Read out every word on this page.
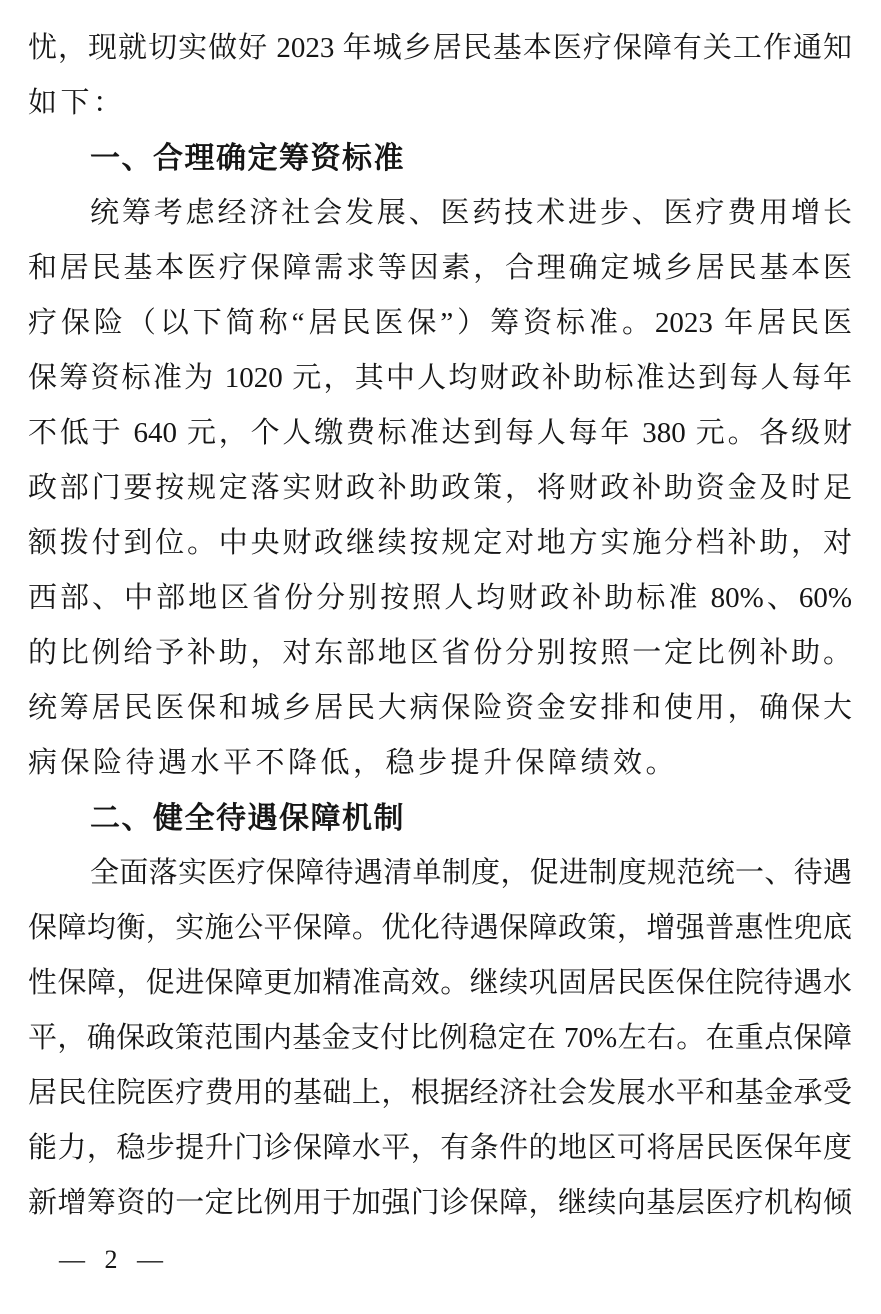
忧，现就切实做好 2023 年城乡居民基本医疗保障有关工作通知
如下：
一、合理确定筹资标准
统筹考虑经济社会发展、医药技术进步、医疗费用增长
和居民基本医疗保障需求等因素，合理确定城乡居民基本医
疗保险（以下简称“居民医保”）筹资标准。2023 年居民医
保筹资标准为 1020 元，其中人均财政补助标准达到每人每年
不低于 640 元，个人缴费标准达到每人每年 380 元。各级财
政部门要按规定落实财政补助政策，将财政补助资金及时足
额拨付到位。中央财政继续按规定对地方实施分档补助，对
西部、中部地区省份分别按照人均财政补助标准 80%、60%
的比例给予补助，对东部地区省份分别按照一定比例补助。
统筹居民医保和城乡居民大病保险资金安排和使用，确保大
病保险待遇水平不降低，稳步提升保障绩效。
二、健全待遇保障机制
全面落实医疗保障待遇清单制度，促进制度规范统一、待遇
保障均衡，实施公平保障。优化待遇保障政策，增强普惠性兜底
性保障，促进保障更加精准高效。继续巩固居民医保住院待遇水
平，确保政策范围内基金支付比例稳定在 70%左右。在重点保障
居民住院医疗费用的基础上，根据经济社会发展水平和基金承受
能力，稳步提升门诊保障水平，有条件的地区可将居民医保年度
新增筹资的一定比例用于加强门诊保障，继续向基层医疗机构倾
— 2 —
